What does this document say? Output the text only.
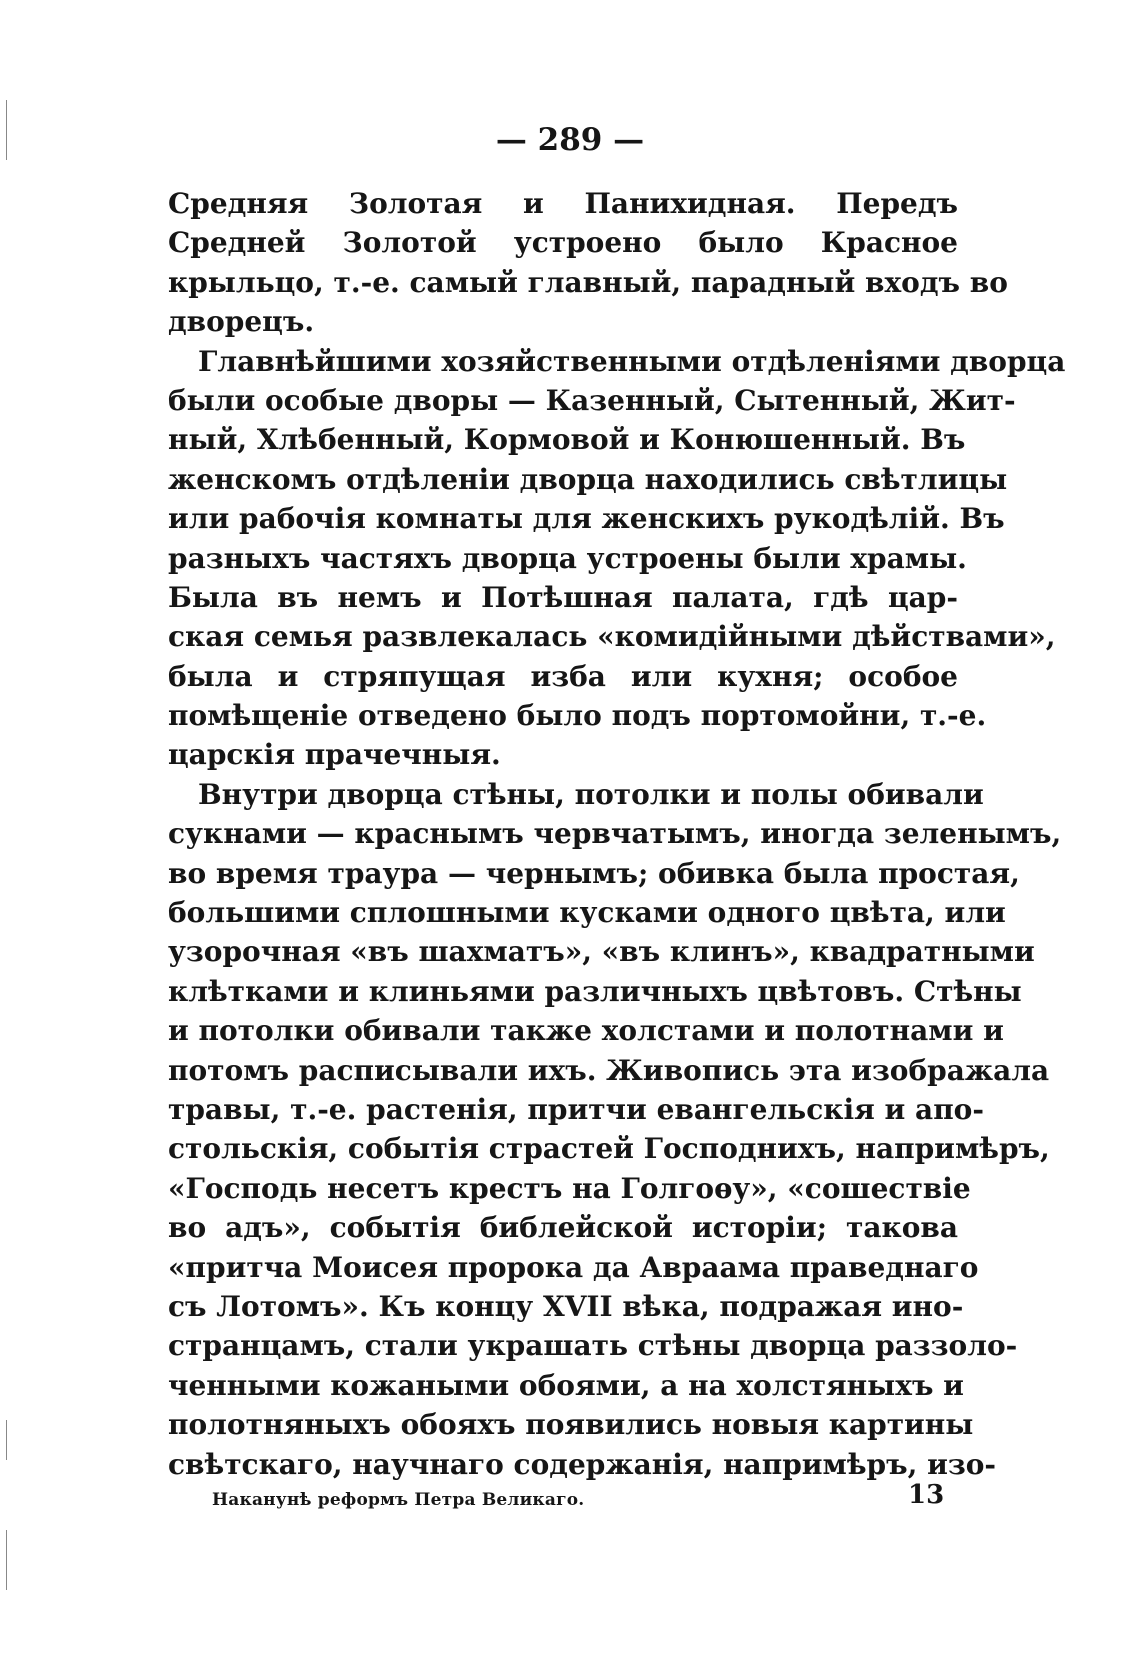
— 289 —
Средняя Золотая и Панихидная. Передъ
Средней Золотой устроено было Красное
крыльцо, т.-е. самый главный, парадный входъ во
дворецъ.
Главнѣйшими хозяйственными отдѣленіями дворца
были особые дворы — Казенный, Сытенный, Жит-
ный, Хлѣбенный, Кормовой и Конюшенный. Въ
женскомъ отдѣленіи дворца находились свѣтлицы
или рабочія комнаты для женскихъ рукодѣлій. Въ
разныхъ частяхъ дворца устроены были храмы.
Была въ немъ и Потѣшная палата, гдѣ цар-
ская семья развлекалась «комидійными дѣйствами»,
была и стряпущая изба или кухня; особое
помѣщеніе отведено было подъ портомойни, т.-е.
царскія прачечныя.
Внутри дворца стѣны, потолки и полы обивали
сукнами — краснымъ червчатымъ, иногда зеленымъ,
во время траура — чернымъ; обивка была простая,
большими сплошными кусками одного цвѣта, или
узорочная «въ шахматъ», «въ клинъ», квадратными
клѣтками и клиньями различныхъ цвѣтовъ. Стѣны
и потолки обивали также холстами и полотнами и
потомъ расписывали ихъ. Живопись эта изображала
травы, т.-е. растенія, притчи евангельскія и апо-
стольскія, событія страстей Господнихъ, напримѣръ,
«Господь несетъ крестъ на Голгоѳу», «сошествіе
во адъ», событія библейской исторіи; такова
«притча Моисея пророка да Авраама праведнаго
съ Лотомъ». Къ концу XVII вѣка, подражая ино-
странцамъ, стали украшать стѣны дворца раззоло-
ченными кожаными обоями, а на холстяныхъ и
полотняныхъ обояхъ появились новыя картины
свѣтскаго, научнаго содержанія, напримѣръ, изо-
Наканунѣ реформъ Петра Великаго.	13
